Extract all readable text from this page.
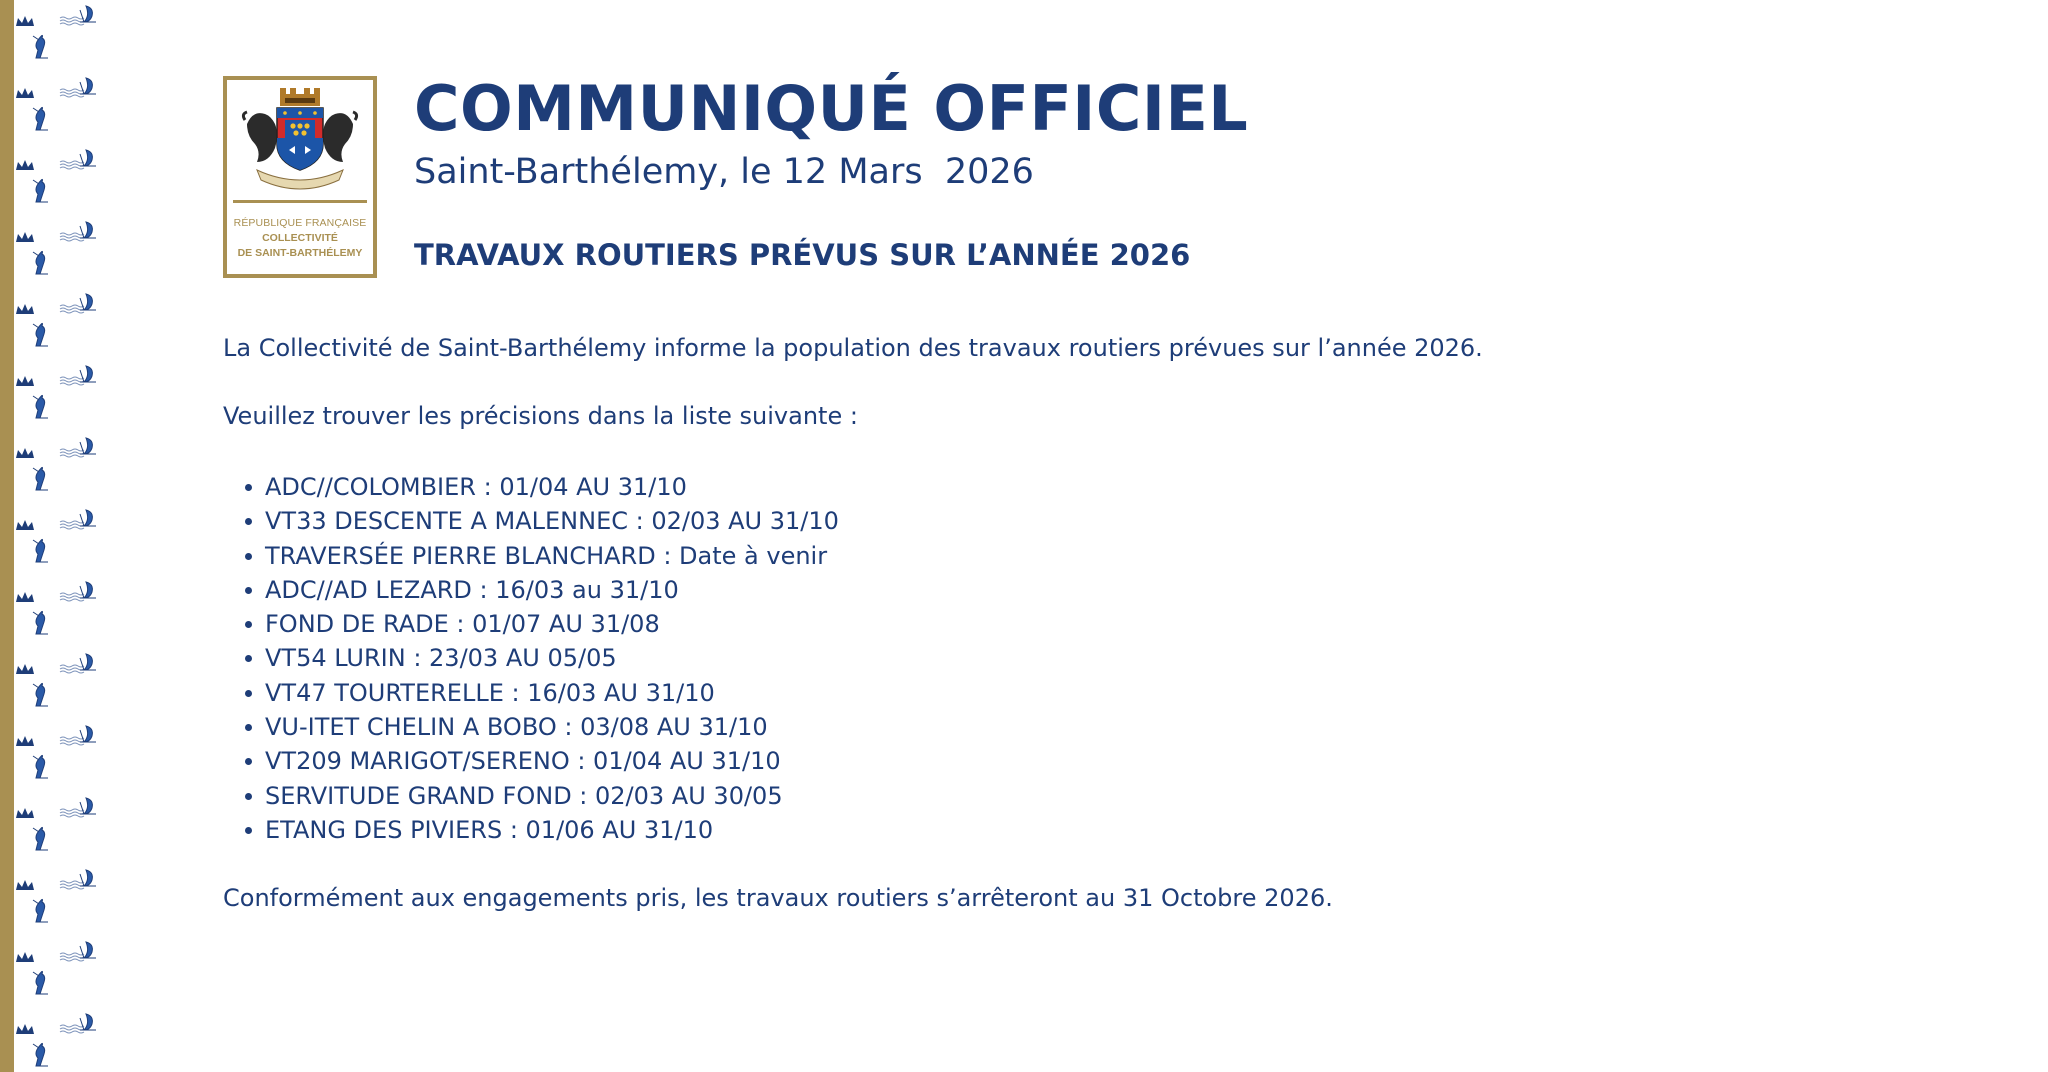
RÉPUBLIQUE FRANÇAISE
COLLECTIVITÉ
DE SAINT-BARTHÉLEMY
COMMUNIQUÉ OFFICIEL

Saint-Barthélemy, le 12 Mars  2026

TRAVAUX ROUTIERS PRÉVUS SUR L’ANNÉE 2026

La Collectivité de Saint-Barthélemy informe la population des travaux routiers prévues sur l’année 2026.

Veuillez trouver les précisions dans la liste suivante :

ADC//COLOMBIER : 01/04 AU 31/10
VT33 DESCENTE A MALENNEC : 02/03 AU 31/10
TRAVERSÉE PIERRE BLANCHARD : Date à venir
ADC//AD LEZARD : 16/03 au 31/10
FOND DE RADE : 01/07 AU 31/08
VT54 LURIN : 23/03 AU 05/05
VT47 TOURTERELLE : 16/03 AU 31/10
VU-ITET CHELIN A BOBO : 03/08 AU 31/10
VT209 MARIGOT/SERENO : 01/04 AU 31/10
SERVITUDE GRAND FOND : 02/03 AU 30/05
ETANG DES PIVIERS : 01/06 AU 31/10

Conformément aux engagements pris, les travaux routiers s’arrêteront au 31 Octobre 2026.
